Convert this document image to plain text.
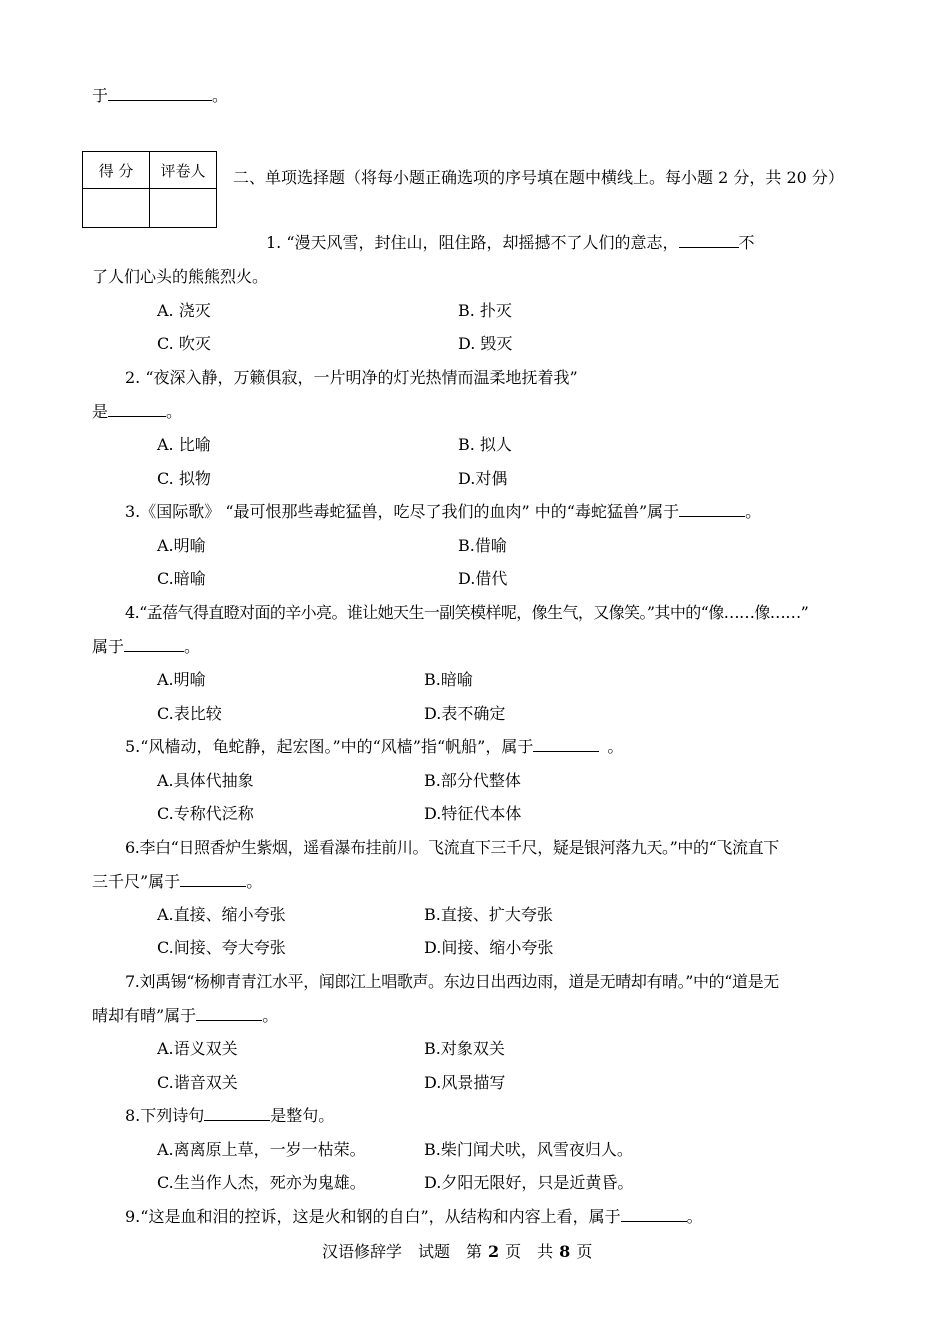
于	。
得 分	评卷人
	二、单项选择题（将每小题正确选项的序号填在题中横线上。每小题 2 分，共 20 分）
1. “漫天风雪，封住山，阻住路，却摇撼不了人们的意志，	不
了人们心头的熊熊烈火。
A. 浇灭	B. 扑灭
C. 吹灭	D. 毁灭
2. “夜深入静，万籁俱寂，一片明净的灯光热情而温柔地抚着我”
是	。
A. 比喻	B. 拟人
C. 拟物	D.对偶
3.《国际歌》 “最可恨那些毒蛇猛兽，吃尽了我们的血肉” 中的“毒蛇猛兽”属于	。
A.明喻	B.借喻
C.暗喻	D.借代
4.“孟蓓气得直瞪对面的辛小亮。谁让她天生一副笑模样呢，像生气，又像笑。”其中的“像……像……”
属于	。
A.明喻	B.暗喻
C.表比较	D.表不确定
5.“风樯动，龟蛇静，起宏图。”中的“风樯”指“帆船”，属于	。
A.具体代抽象	B.部分代整体
C.专称代泛称	D.特征代本体
6.李白“日照香炉生紫烟，遥看瀑布挂前川。飞流直下三千尺，疑是银河落九天。”中的“飞流直下
三千尺”属于	。
A.直接、缩小夸张	B.直接、扩大夸张
C.间接、夸大夸张	D.间接、缩小夸张
7.刘禹锡“杨柳青青江水平，闻郎江上唱歌声。东边日出西边雨，道是无晴却有晴。”中的“道是无
晴却有晴”属于	。
A.语义双关	B.对象双关
C.谐音双关	D.风景描写
8.下列诗句	是整句。
A.离离原上草，一岁一枯荣。	B.柴门闻犬吠，风雪夜归人。
C.生当作人杰，死亦为鬼雄。	D.夕阳无限好，只是近黄昏。
9.“这是血和泪的控诉，这是火和钢的自白”，从结构和内容上看，属于	。
汉语修辞学　试题　第 2 页　共 8 页
